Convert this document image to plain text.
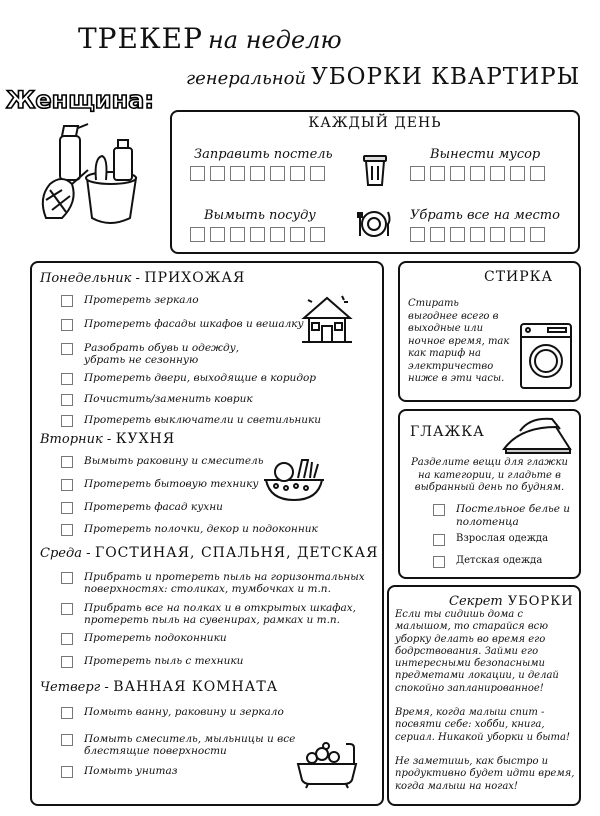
ТРЕКЕР на неделю
генеральной УБОРКИ КВАРТИРЫ
Женщина:
КАЖДЫЙ ДЕНЬ
Заправить постель	Вынести мусор
Вымыть посуду	Убрать все на место
Понедельник - ПРИХОЖАЯ
Протереть зеркало
Протереть фасады шкафов и вешалку
Разобрать обувь и одежду,
убрать не сезонную
Протереть двери, выходящие в коридор
Почистить/заменить коврик
Протереть выключатели и светильники
Вторник - КУХНЯ
Вымыть раковину и смеситель
Протереть бытовую технику
Протереть фасад кухни
Протереть полочки, декор и подоконник
Среда - ГОСТИНАЯ, СПАЛЬНЯ, ДЕТСКАЯ
Прибрать и протереть пыль на горизонтальных
поверхностях: столиках, тумбочках и т.п.
Прибрать все на полках и в открытых шкафах,
протереть пыль на сувенирах, рамках и т.п.
Протереть подоконники
Протереть пыль с техники
Четверг - ВАННАЯ КОМНАТА
Помыть ванну, раковину и зеркало
Помыть смеситель, мыльницы и все
блестящие поверхности
Помыть унитаз
СТИРКА
Стирать
выгоднее всего в
выходные или
ночное время, так
как тариф на
электричество
ниже в эти часы.
ГЛАЖКА
Разделите вещи для глажки
на категории, и гладьте в
выбранный день по будням.
Постельное белье и
полотенца
Взрослая одежда
Детская одежда
Секрет УБОРКИ
Если ты сидишь дома с
малышом, то старайся всю
уборку делать во время его
бодрствования. Займи его
интересными безопасными
предметами локации, и делай
спокойно запланированное!
Время, когда малыш спит -
посвяти себе: хобби, книга,
сериал. Никакой уборки и быта!
Не заметишь, как быстро и
продуктивно будет идти время,
когда малыш на ногах!
